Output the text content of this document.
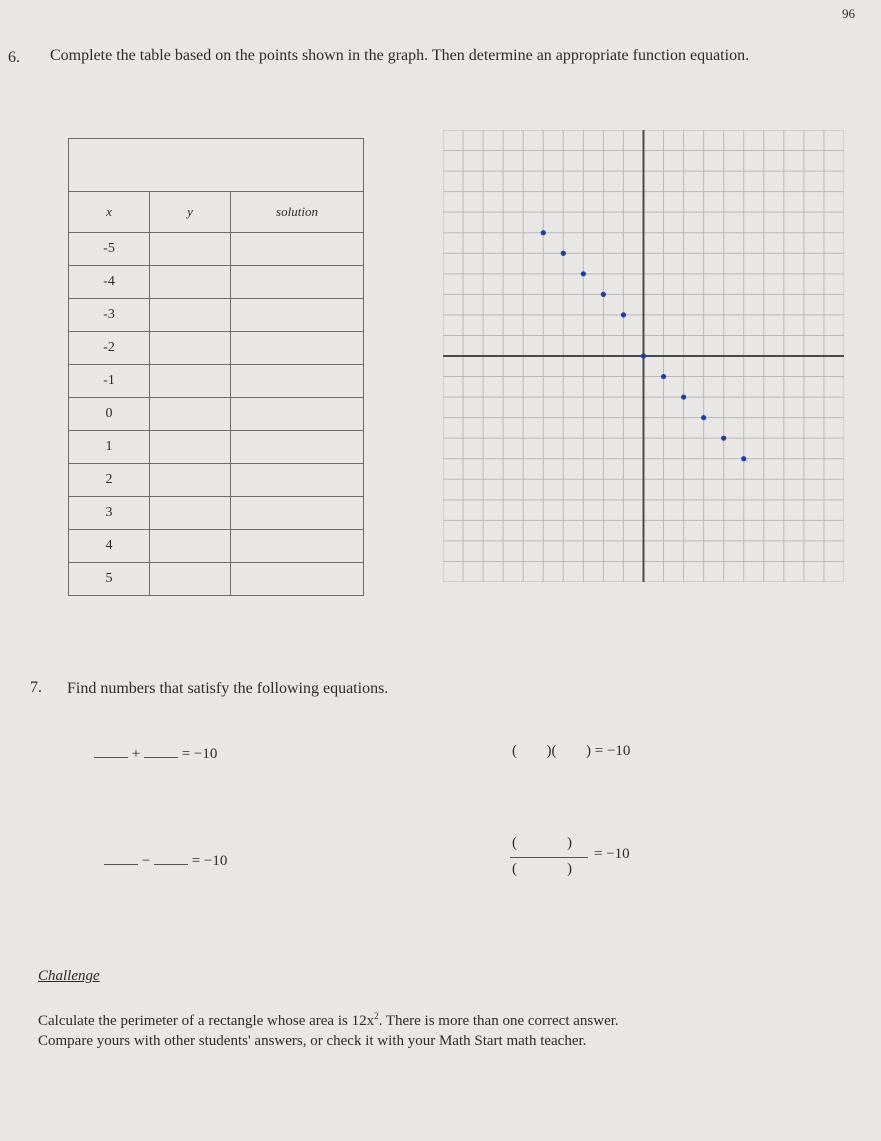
96
6. Complete the table based on the points shown in the graph. Then determine an appropriate function equation.

x	y	solution
-5		
-4		
-3		
-2		
-1		
0		
1		
2		
3		
4		
5		
7. Find numbers that satisfy the following equations.
+	= −10	( )( ) = −10
−	= −10
(	)
(	)
= −10
Challenge
Calculate the perimeter of a rectangle whose area is $12x^2$. There is more than one correct answer.
Compare yours with other students' answers, or check it with your Math Start math teacher.
